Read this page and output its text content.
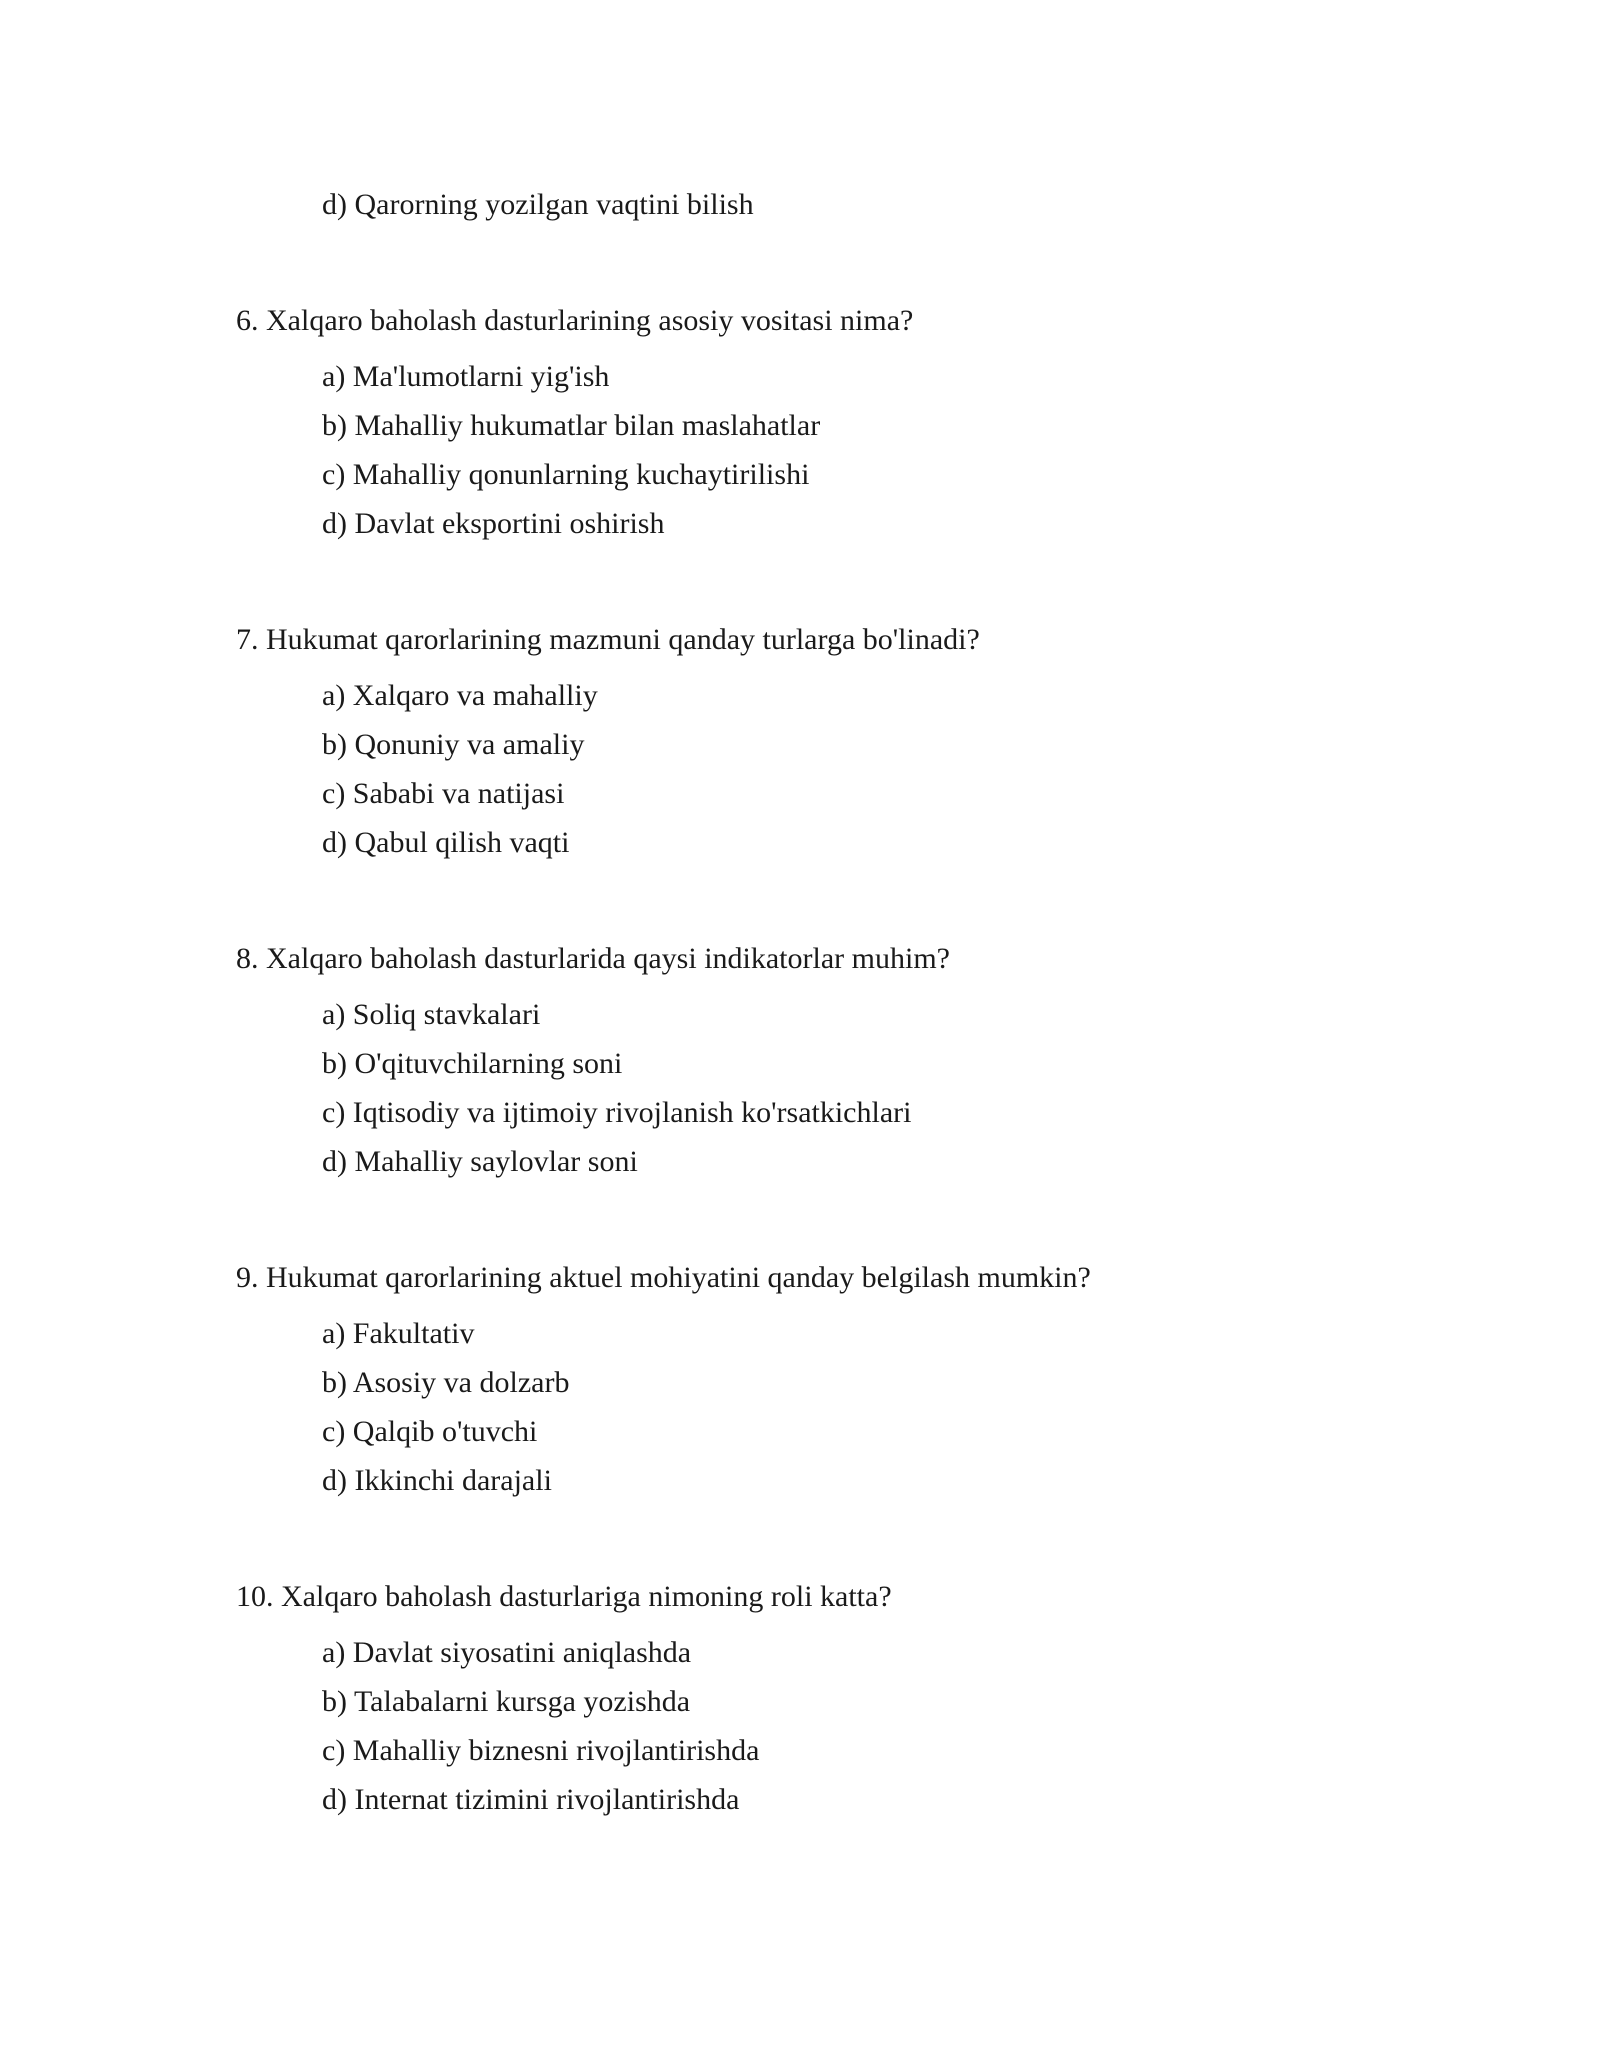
d) Qarorning yozilgan vaqtini bilish
6. Xalqaro baholash dasturlarining asosiy vositasi nima?
a) Ma'lumotlarni yig'ish
b) Mahalliy hukumatlar bilan maslahatlar
c) Mahalliy qonunlarning kuchaytirilishi
d) Davlat eksportini oshirish
7. Hukumat qarorlarining mazmuni qanday turlarga bo'linadi?
a) Xalqaro va mahalliy
b) Qonuniy va amaliy
c) Sababi va natijasi
d) Qabul qilish vaqti
8. Xalqaro baholash dasturlarida qaysi indikatorlar muhim?
a) Soliq stavkalari
b) O'qituvchilarning soni
c) Iqtisodiy va ijtimoiy rivojlanish ko'rsatkichlari
d) Mahalliy saylovlar soni
9. Hukumat qarorlarining aktuel mohiyatini qanday belgilash mumkin?
a) Fakultativ
b) Asosiy va dolzarb
c) Qalqib o'tuvchi
d) Ikkinchi darajali
10. Xalqaro baholash dasturlariga nimoning roli katta?
a) Davlat siyosatini aniqlashda
b) Talabalarni kursga yozishda
c) Mahalliy biznesni rivojlantirishda
d) Internat tizimini rivojlantirishda
